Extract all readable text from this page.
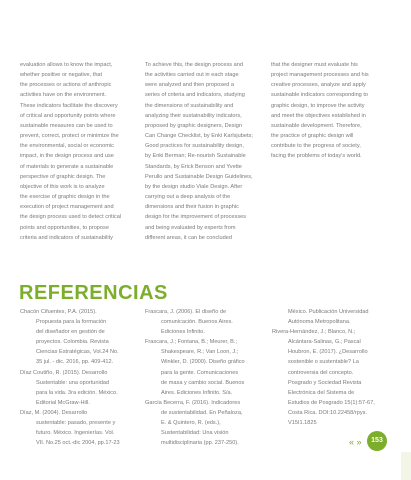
evaluation allows to know the impact,
whether positive or negative, that
the processes or actions of anthropic
activities have on the environment.
These indicators facilitate the discovery
of critical and opportunity points where
sustainable measures can be used to
prevent, correct, protect or minimize the
the environmental, social or economic
impact, in the design process and use
of materials to generate a sustainable
perspective of graphic design. The
objective of this work is to analyze
the exercise of graphic design in the
execution of project management and
the design process used to detect critical
points and opportunities, to propose
criteria and indicators of sustainability
To achieve this, the design process and
the activities carried out in each stage
were analyzed and then proposed a
series of criteria and indicators, studying
the dimensions of sustainability and
analyzing their sustainability indicators,
proposed by graphic designers, Design
Can Change Checklist, by Enki Karlsjubets;
Good practices for sustainability design,
by Enki Berman; Re-nourish Sustainable
Standards, by Erick Benson and Yvette
Perullo and Sustainable Design Guidelines,
by the design studio Viale Design. After
carrying out a deep analysis of the
dimensions and their fusion in graphic
design for the improvement of processes
and being evaluated by experts from
different areas, it can be concluded
that the designer must evaluate his
project management processes and his
creative processes, analyze and apply
sustainable indicators corresponding to
graphic design, to improve the activity
and meet the objectives established in
sustainable development. Therefore,
the practice of graphic design will
contribute to the progress of society,
facing the problems of today's world.
REFERENCIAS
Chacón Cifuentes, P.A. (2015).
Propuesta para la formación
del diseñador en gestión de
proyectos. Colombia. Revista
Ciencias Estratégicas, Vol.24 No.
35 jul. - dic. 2016, pp. 409-412.
Díaz Coutiño, R. (2015). Desarrollo
Sustentable: una oportunidad
para la vida. 3ra edición. México.
Editorial McGraw-Hill.
Díaz, M. (2004). Desarrollo
sustentable: pasado, presente y
futuro. México. Ingenierías. Vol.
VII. No.25 oct.-dic 2004, pp.17-23
Frascara, J. (2006). El diseño de
comunicación. Buenos Aires.
Ediciones Infinito.
Frascara, J.; Fontana, B.; Meurer, B.;
Shakespeare, R.; Van Loon, J.;
Winkler, D. (2000). Diseño gráfico
para la gente. Comunicaciones
de masa y cambio social. Buenos
Aires. Ediciones Infinito. S/a.
García Becerra, F. (2016). Indicadores
de sustentabilidad. En Peñaloza,
E. & Quintero, R. (eds.),
Sustentabilidad: Una visión
multidisciplinaria (pp. 237-250).
México. Publicación Universidad
Autónoma Metropolitana.
Rivera-Hernández, J.; Blanco, N.;
Alcántara-Salinas, G.; Pascal
Houbron, E. (2017). ¿Desarrollo
sostenible o sustentable? La
controversia del concepto.
Posgrado y Sociedad Revista
Electrónica del Sistema de
Estudios de Posgrado 15(1):57-67,
Costa Rica. DOI:10.22458/rpys.
V15I1.1825
« »	153
